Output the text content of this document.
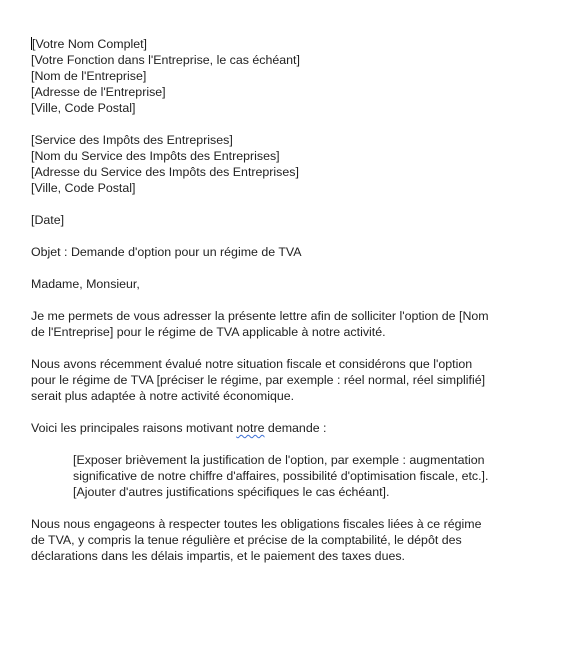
[Votre Nom Complet]
[Votre Fonction dans l'Entreprise, le cas échéant]
[Nom de l'Entreprise]
[Adresse de l'Entreprise]
[Ville, Code Postal]
[Service des Impôts des Entreprises]
[Nom du Service des Impôts des Entreprises]
[Adresse du Service des Impôts des Entreprises]
[Ville, Code Postal]
[Date]
Objet : Demande d'option pour un régime de TVA
Madame, Monsieur,
Je me permets de vous adresser la présente lettre afin de solliciter l'option de [Nom
de l'Entreprise] pour le régime de TVA applicable à notre activité.
Nous avons récemment évalué notre situation fiscale et considérons que l'option
pour le régime de TVA [préciser le régime, par exemple : réel normal, réel simplifié]
serait plus adaptée à notre activité économique.
Voici les principales raisons motivant notre demande :
[Exposer brièvement la justification de l'option, par exemple : augmentation
significative de notre chiffre d'affaires, possibilité d'optimisation fiscale, etc.].
[Ajouter d'autres justifications spécifiques le cas échéant].
Nous nous engageons à respecter toutes les obligations fiscales liées à ce régime
de TVA, y compris la tenue régulière et précise de la comptabilité, le dépôt des
déclarations dans les délais impartis, et le paiement des taxes dues.
